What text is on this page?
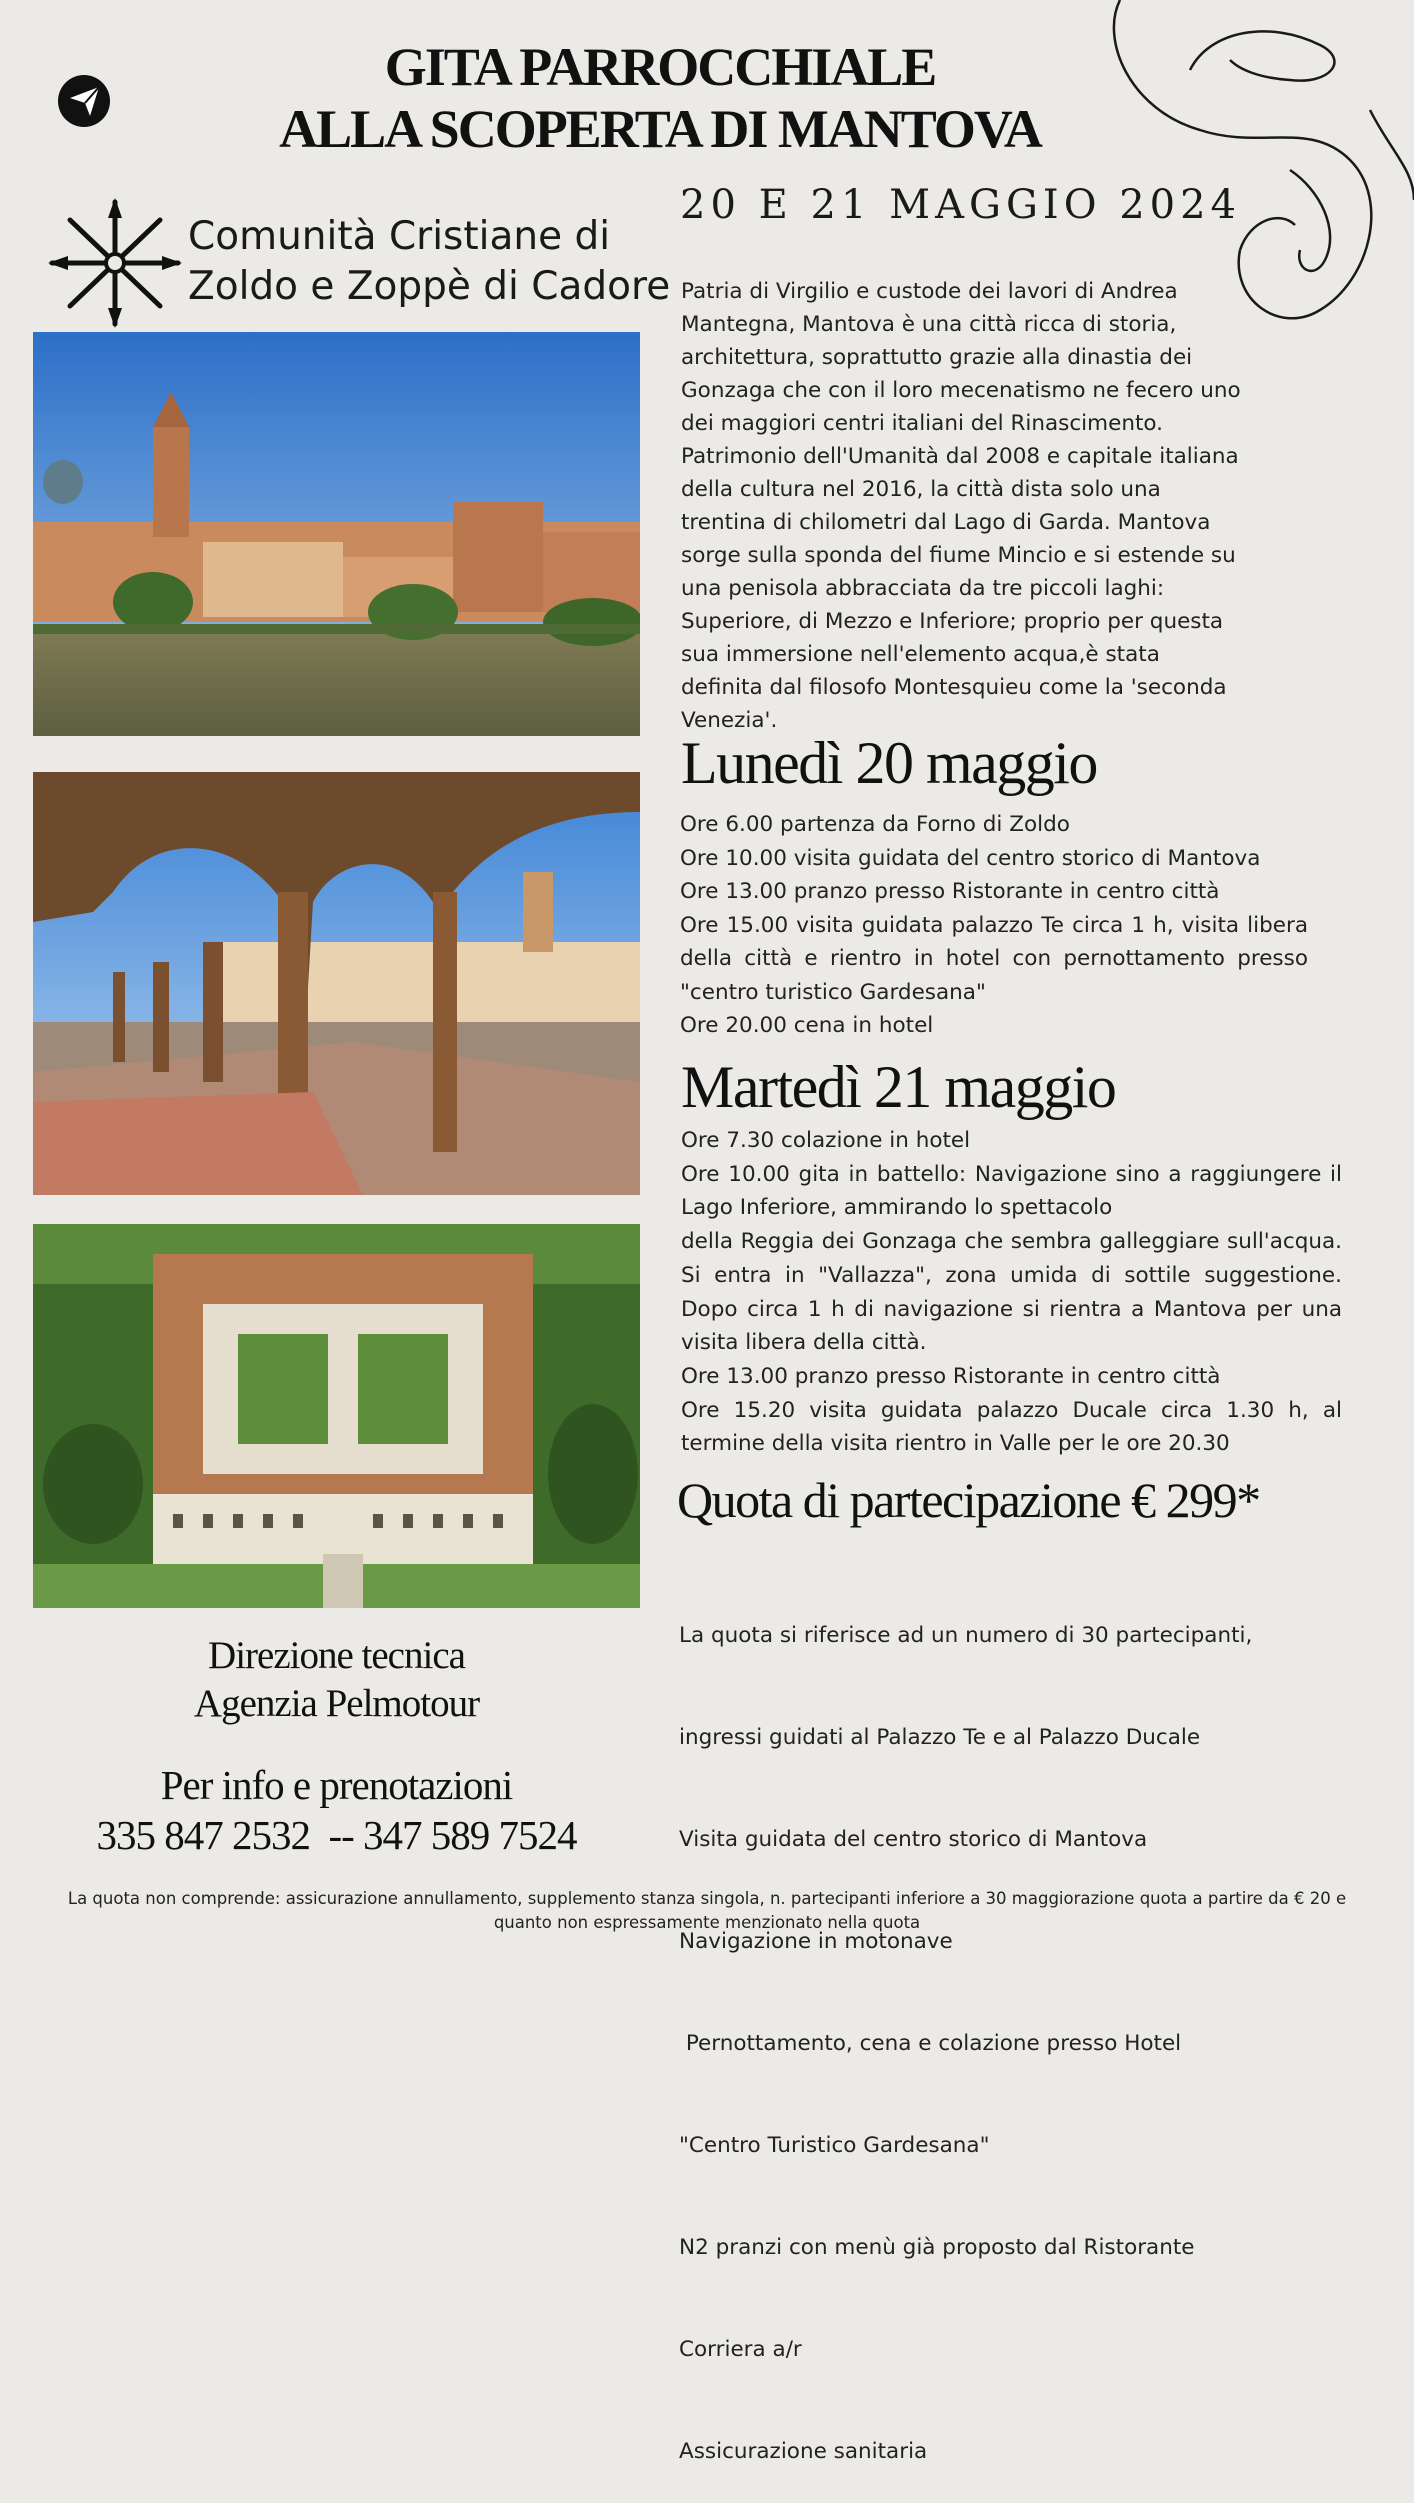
GITA PARROCCHIALE
ALLA SCOPERTA DI MANTOVA
Comunità Cristiane di
Zoldo e Zoppè di Cadore
20 E 21 MAGGIO 2024
Patria di Virgilio e custode dei lavori di Andrea Mantegna, Mantova è una città ricca di storia, architettura, soprattutto grazie alla dinastia dei Gonzaga che con il loro mecenatismo ne fecero uno dei maggiori centri italiani del Rinascimento. Patrimonio dell'Umanità dal 2008 e capitale italiana della cultura nel 2016, la città dista solo una trentina di chilometri dal Lago di Garda. Mantova sorge sulla sponda del fiume Mincio e si estende su una penisola abbracciata da tre piccoli laghi: Superiore, di Mezzo e Inferiore; proprio per questa sua immersione nell'elemento acqua,è stata definita dal filosofo Montesquieu come la 'seconda Venezia'.
Lunedì 20 maggio
Ore 6.00 partenza da Forno di Zoldo
Ore 10.00 visita guidata del centro storico di Mantova
Ore 13.00 pranzo presso Ristorante in centro città
Ore 15.00 visita guidata palazzo Te circa 1 h, visita libera della città e rientro in hotel con pernottamento presso "centro turistico Gardesana"
Ore 20.00 cena in hotel
Martedì 21 maggio
Ore 7.30 colazione in hotel
Ore 10.00 gita in battello: Navigazione sino a raggiungere il Lago Inferiore, ammirando lo spettacolo
della Reggia dei Gonzaga che sembra galleggiare sull'acqua. Si entra in "Vallazza", zona umida di sottile suggestione. Dopo circa 1 h di navigazione si rientra a Mantova per una visita libera della città.
Ore 13.00 pranzo presso Ristorante in centro città
Ore 15.20 visita guidata palazzo Ducale circa 1.30 h, al termine della visita rientro in Valle per le ore 20.30
Quota di partecipazione € 299*

La quota si riferisce ad un numero di 30 partecipanti,

ingressi guidati al Palazzo Te e al Palazzo Ducale

Visita guidata del centro storico di Mantova

Navigazione in motonave

Pernottamento, cena e colazione presso Hotel

"Centro Turistico Gardesana"

N2 pranzi con menù già proposto dal Ristorante

Corriera a/r

Assicurazione sanitaria

Direzione tecnica
Agenzia Pelmotour
Per info e prenotazioni
335 847 2532  -- 347 589 7524
La quota non comprende: assicurazione annullamento, supplemento stanza singola, n. partecipanti inferiore a 30 maggiorazione quota a partire da € 20 e
quanto non espressamente menzionato nella quota
